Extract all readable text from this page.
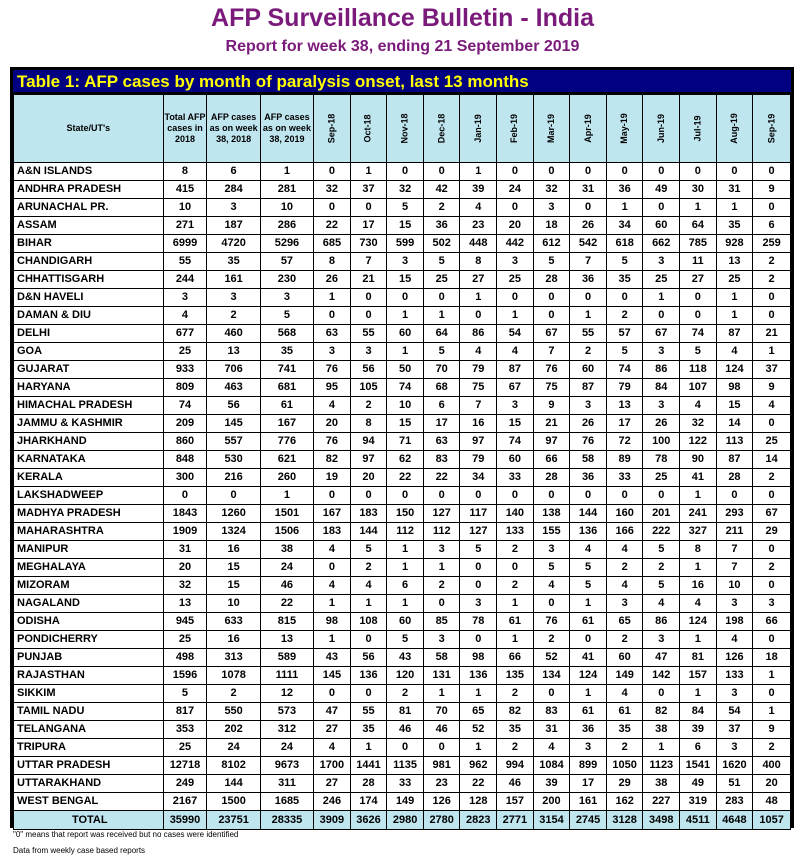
AFP Surveillance Bulletin - India
Report for week 38, ending 21 September 2019
Table 1: AFP cases by month of paralysis onset, last 13 months
State/UT's	Total AFP cases in 2018	AFP cases as on week 38, 2018	AFP cases as on week 38, 2019	Sep-18	Oct-18	Nov-18	Dec-18	Jan-19	Feb-19	Mar-19	Apr-19	May-19	Jun-19	Jul-19	Aug-19	Sep-19
A&N ISLANDS	8	6	1	0	1	0	0	1	0	0	0	0	0	0	0	0
ANDHRA PRADESH	415	284	281	32	37	32	42	39	24	32	31	36	49	30	31	9
ARUNACHAL PR.	10	3	10	0	0	5	2	4	0	3	0	1	0	1	1	0
ASSAM	271	187	286	22	17	15	36	23	20	18	26	34	60	64	35	6
BIHAR	6999	4720	5296	685	730	599	502	448	442	612	542	618	662	785	928	259
CHANDIGARH	55	35	57	8	7	3	5	8	3	5	7	5	3	11	13	2
CHHATTISGARH	244	161	230	26	21	15	25	27	25	28	36	35	25	27	25	2
D&N HAVELI	3	3	3	1	0	0	0	1	0	0	0	0	1	0	1	0
DAMAN & DIU	4	2	5	0	0	1	1	0	1	0	1	2	0	0	1	0
DELHI	677	460	568	63	55	60	64	86	54	67	55	57	67	74	87	21
GOA	25	13	35	3	3	1	5	4	4	7	2	5	3	5	4	1
GUJARAT	933	706	741	76	56	50	70	79	87	76	60	74	86	118	124	37
HARYANA	809	463	681	95	105	74	68	75	67	75	87	79	84	107	98	9
HIMACHAL PRADESH	74	56	61	4	2	10	6	7	3	9	3	13	3	4	15	4
JAMMU & KASHMIR	209	145	167	20	8	15	17	16	15	21	26	17	26	32	14	0
JHARKHAND	860	557	776	76	94	71	63	97	74	97	76	72	100	122	113	25
KARNATAKA	848	530	621	82	97	62	83	79	60	66	58	89	78	90	87	14
KERALA	300	216	260	19	20	22	22	34	33	28	36	33	25	41	28	2
LAKSHADWEEP	0	0	1	0	0	0	0	0	0	0	0	0	0	1	0	0
MADHYA PRADESH	1843	1260	1501	167	183	150	127	117	140	138	144	160	201	241	293	67
MAHARASHTRA	1909	1324	1506	183	144	112	112	127	133	155	136	166	222	327	211	29
MANIPUR	31	16	38	4	5	1	3	5	2	3	4	4	5	8	7	0
MEGHALAYA	20	15	24	0	2	1	1	0	0	5	5	2	2	1	7	2
MIZORAM	32	15	46	4	4	6	2	0	2	4	5	4	5	16	10	0
NAGALAND	13	10	22	1	1	1	0	3	1	0	1	3	4	4	3	3
ODISHA	945	633	815	98	108	60	85	78	61	76	61	65	86	124	198	66
PONDICHERRY	25	16	13	1	0	5	3	0	1	2	0	2	3	1	4	0
PUNJAB	498	313	589	43	56	43	58	98	66	52	41	60	47	81	126	18
RAJASTHAN	1596	1078	1111	145	136	120	131	136	135	134	124	149	142	157	133	1
SIKKIM	5	2	12	0	0	2	1	1	2	0	1	4	0	1	3	0
TAMIL NADU	817	550	573	47	55	81	70	65	82	83	61	61	82	84	54	1
TELANGANA	353	202	312	27	35	46	46	52	35	31	36	35	38	39	37	9
TRIPURA	25	24	24	4	1	0	0	1	2	4	3	2	1	6	3	2
UTTAR PRADESH	12718	8102	9673	1700	1441	1135	981	962	994	1084	899	1050	1123	1541	1620	400
UTTARAKHAND	249	144	311	27	28	33	23	22	46	39	17	29	38	49	51	20
WEST BENGAL	2167	1500	1685	246	174	149	126	128	157	200	161	162	227	319	283	48
TOTAL	35990	23751	28335	3909	3626	2980	2780	2823	2771	3154	2745	3128	3498	4511	4648	1057
"0" means that report was received but no cases were identified
Data from weekly case based reports
